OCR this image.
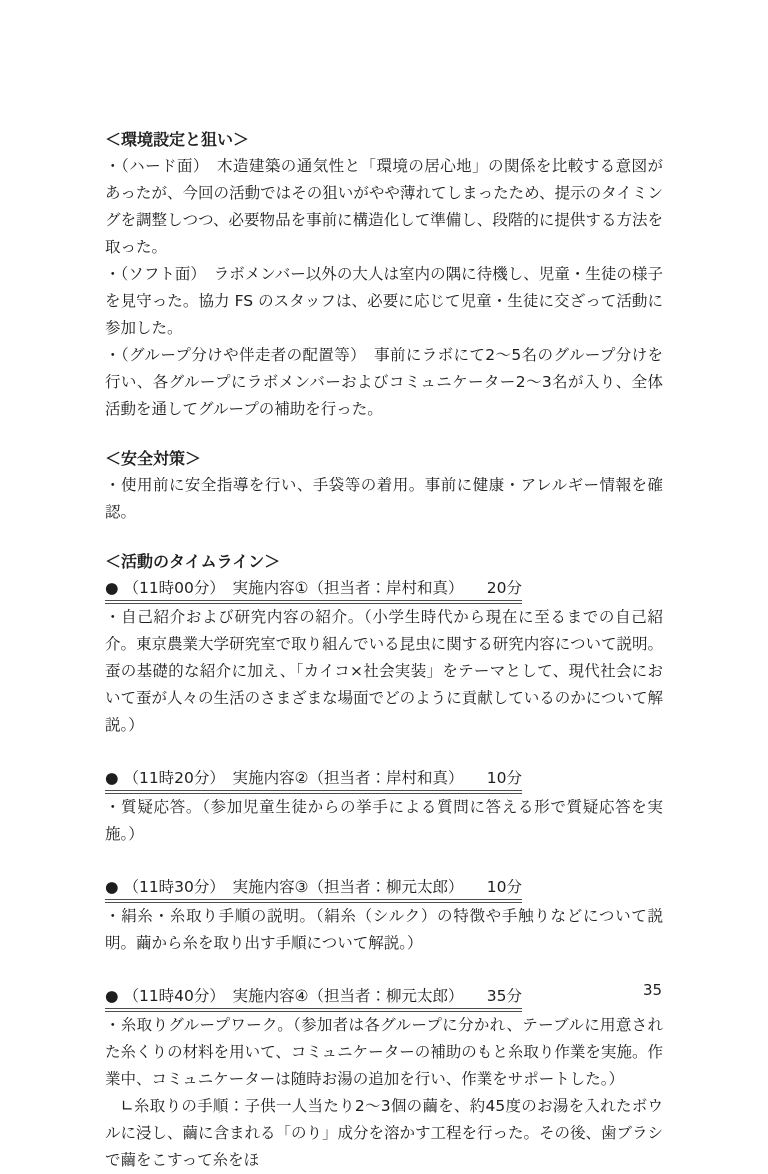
＜環境設定と狙い＞

・（ハード面）　木造建築の通気性と「環境の居心地」の関係を比較する意図があったが、今回の活動ではその狙いがやや薄れてしまったため、提示のタイミングを調整しつつ、必要物品を事前に構造化して準備し、段階的に提供する方法を取った。

・（ソフト面）　ラボメンバー以外の大人は室内の隅に待機し、児童・生徒の様子を見守った。協力 FS のスタッフは、必要に応じて児童・生徒に交ざって活動に参加した。

・（グループ分けや伴走者の配置等）　事前にラボにて2～5名のグループ分けを行い、各グループにラボメンバーおよびコミュニケーター2～3名が入り、全体活動を通してグループの補助を行った。

＜安全対策＞

・使用前に安全指導を行い、手袋等の着用。事前に健康・アレルギー情報を確認。

＜活動のタイムライン＞

● （11時00分）　実施内容①（担当者：岸村和真）　　20分

・自己紹介および研究内容の紹介。（小学生時代から現在に至るまでの自己紹介。東京農業大学研究室で取り組んでいる昆虫に関する研究内容について説明。蚕の基礎的な紹介に加え、「カイコ×社会実装」をテーマとして、現代社会において蚕が人々の生活のさまざまな場面でどのように貢献しているのかについて解説。）

● （11時20分）　実施内容②（担当者：岸村和真）　　10分

・質疑応答。（参加児童生徒からの挙手による質問に答える形で質疑応答を実施。）

● （11時30分）　実施内容③（担当者：柳元太郎）　　10分

・絹糸・糸取り手順の説明。（絹糸（シルク）の特徴や手触りなどについて説明。繭から糸を取り出す手順について解説。）

● （11時40分）　実施内容④（担当者：柳元太郎）　　35分

・糸取りグループワーク。（参加者は各グループに分かれ、テーブルに用意された糸くりの材料を用いて、コミュニケーターの補助のもと糸取り作業を実施。作業中、コミュニケーターは随時お湯の追加を行い、作業をサポートした。）

　∟糸取りの手順：子供一人当たり2～3個の繭を、約45度のお湯を入れたボウルに浸し、繭に含まれる「のり」成分を溶かす工程を行った。その後、歯ブラシで繭をこすって糸をほ

35
